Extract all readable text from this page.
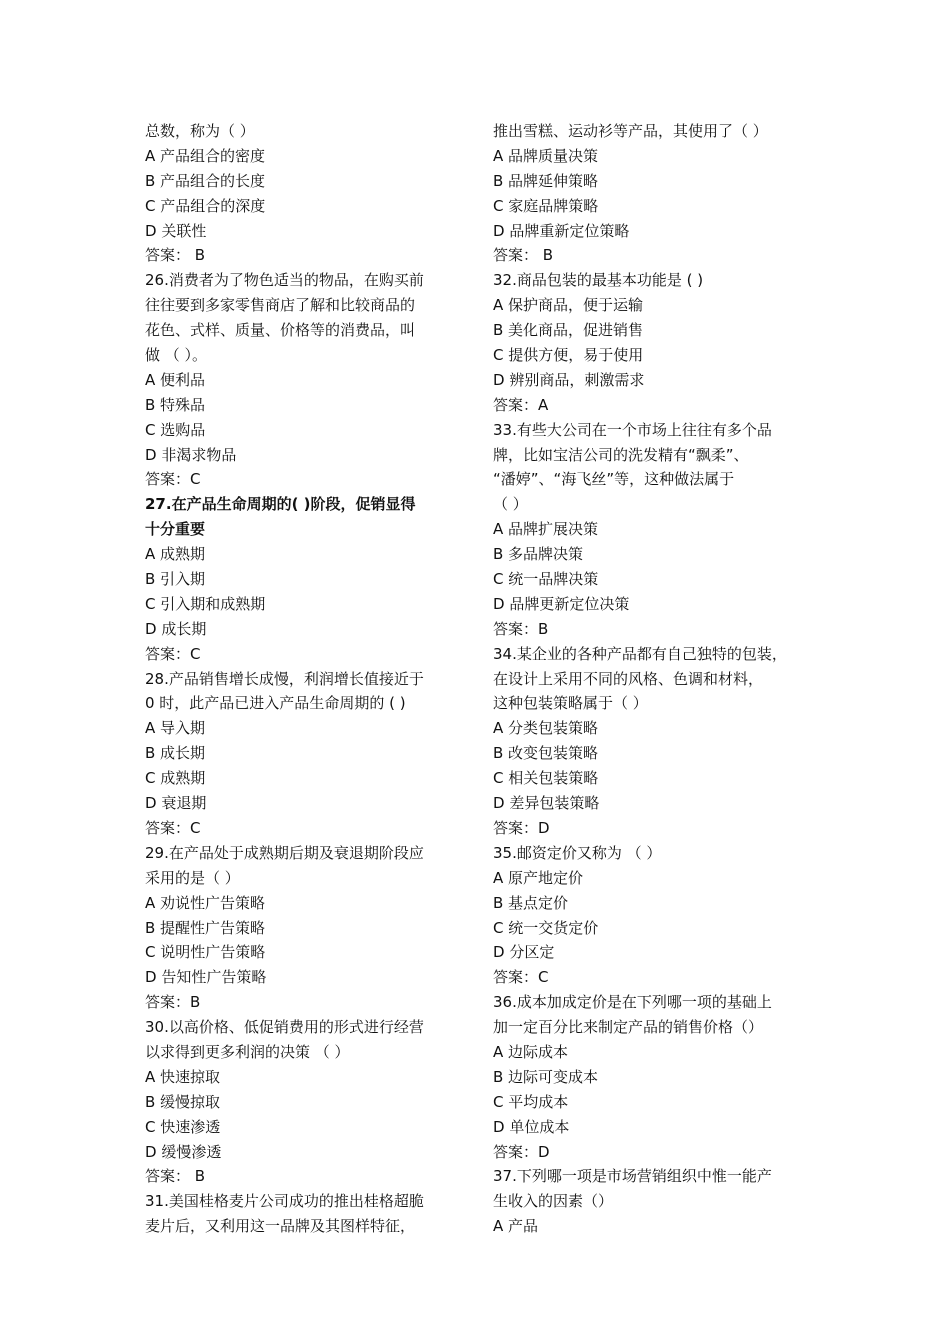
总数，称为（ ）
A 产品组合的密度
B 产品组合的长度
C 产品组合的深度
D 关联性
答案： B
26.消费者为了物色适当的物品，在购买前
往往要到多家零售商店了解和比较商品的
花色、式样、质量、价格等的消费品，叫
做 （ ）。
A 便利品
B 特殊品
C 选购品
D 非渴求物品
答案：C
27.在产品生命周期的( )阶段，促销显得
十分重要
A 成熟期
B 引入期
C 引入期和成熟期
D 成长期
答案：C
28.产品销售增长成慢，利润增长值接近于
0 时，此产品已进入产品生命周期的 ( )
A 导入期
B 成长期
C 成熟期
D 衰退期
答案：C
29.在产品处于成熟期后期及衰退期阶段应
采用的是（ ）
A 劝说性广告策略
B 提醒性广告策略
C 说明性广告策略
D 告知性广告策略
答案：B
30.以高价格、低促销费用的形式进行经营
以求得到更多利润的决策 （ ）
A 快速掠取
B 缓慢掠取
C 快速渗透
D 缓慢渗透
答案： B
31.美国桂格麦片公司成功的推出桂格超脆
麦片后，又利用这一品牌及其图样特征，
推出雪糕、运动衫等产品，其使用了（ ）
A 品牌质量决策
B 品牌延伸策略
C 家庭品牌策略
D 品牌重新定位策略
答案： B
32.商品包装的最基本功能是 ( )
A 保护商品，便于运输
B 美化商品，促进销售
C 提供方便，易于使用
D 辨别商品，刺激需求
答案：A
33.有些大公司在一个市场上往往有多个品
牌，比如宝洁公司的洗发精有“飘柔”、
“潘婷”、“海飞丝”等，这种做法属于
（ ）
A 品牌扩展决策
B 多品牌决策
C 统一品牌决策
D 品牌更新定位决策
答案：B
34.某企业的各种产品都有自己独特的包装，
在设计上采用不同的风格、色调和材料，
这种包装策略属于（ ）
A 分类包装策略
B 改变包装策略
C 相关包装策略
D 差异包装策略
答案：D
35.邮资定价又称为 （ ）
A 原产地定价
B 基点定价
C 统一交货定价
D 分区定
答案：C
36.成本加成定价是在下列哪一项的基础上
加一定百分比来制定产品的销售价格（）
A 边际成本
B 边际可变成本
C 平均成本
D 单位成本
答案：D
37.下列哪一项是市场营销组织中惟一能产
生收入的因素（）
A 产品
